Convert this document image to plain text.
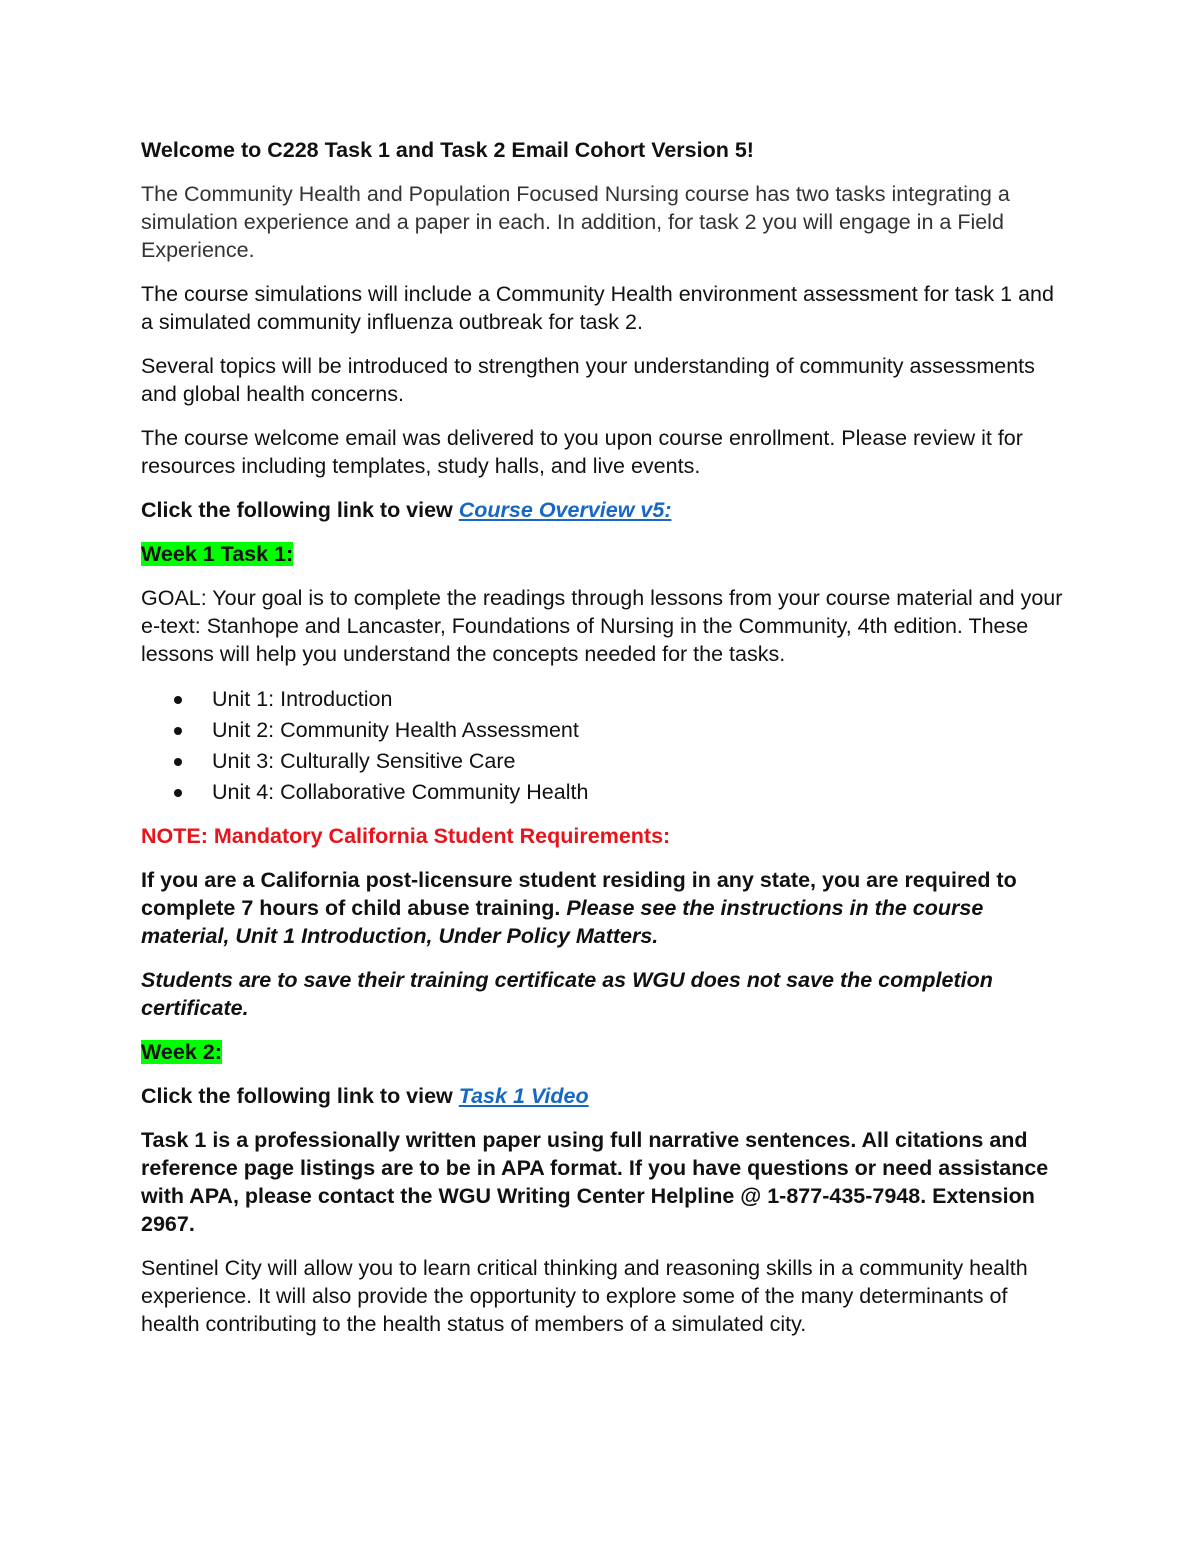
Welcome to C228 Task 1 and Task 2 Email Cohort Version 5!

The Community Health and Population Focused Nursing course has two tasks integrating a simulation experience and a paper in each. In addition, for task 2 you will engage in a Field Experience.

The course simulations will include a Community Health environment assessment for task 1 and a simulated community influenza outbreak for task 2.

Several topics will be introduced to strengthen your understanding of community assessments and global health concerns.

The course welcome email was delivered to you upon course enrollment. Please review it for resources including templates, study halls, and live events.

Click the following link to view Course Overview v5:

Week 1 Task 1:

GOAL: Your goal is to complete the readings through lessons from your course material and your e-text: Stanhope and Lancaster, Foundations of Nursing in the Community, 4th edition. These lessons will help you understand the concepts needed for the tasks.

Unit 1: Introduction
Unit 2: Community Health Assessment
Unit 3: Culturally Sensitive Care
Unit 4: Collaborative Community Health

NOTE: Mandatory California Student Requirements:

If you are a California post-licensure student residing in any state, you are required to complete 7 hours of child abuse training. Please see the instructions in the course material, Unit 1 Introduction, Under Policy Matters.

Students are to save their training certificate as WGU does not save the completion certificate.

Week 2:

Click the following link to view Task 1 Video

Task 1 is a professionally written paper using full narrative sentences. All citations and reference page listings are to be in APA format. If you have questions or need assistance with APA, please contact the WGU Writing Center Helpline @ 1-877-435-7948. Extension 2967.

Sentinel City will allow you to learn critical thinking and reasoning skills in a community health experience. It will also provide the opportunity to explore some of the many determinants of health contributing to the health status of members of a simulated city.
